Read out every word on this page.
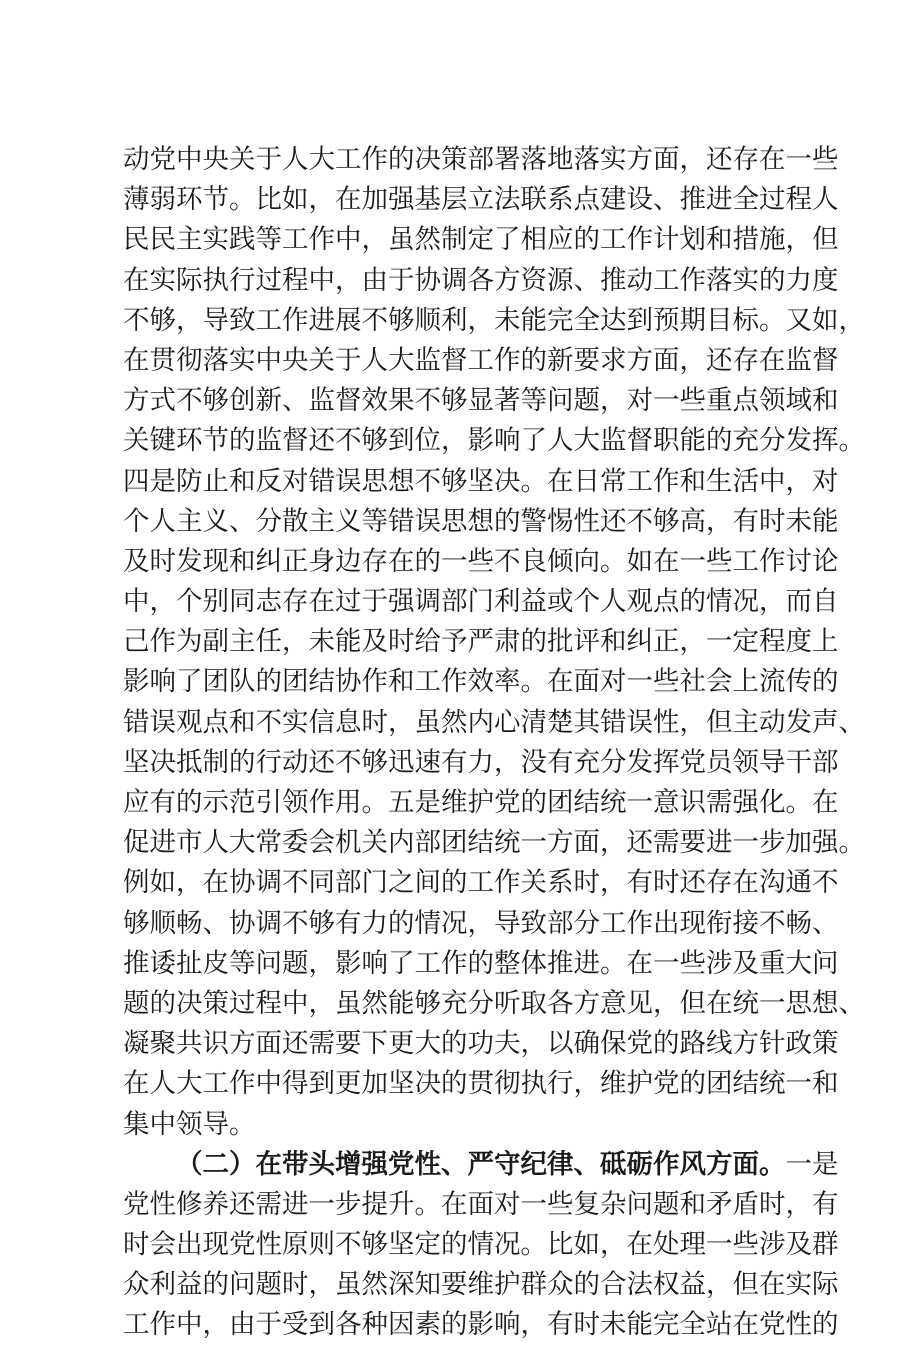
动党中央关于人大工作的决策部署落地落实方面，还存在一些
薄弱环节。比如，在加强基层立法联系点建设、推进全过程人
民民主实践等工作中，虽然制定了相应的工作计划和措施，但
在实际执行过程中，由于协调各方资源、推动工作落实的力度
不够，导致工作进展不够顺利，未能完全达到预期目标。又如，
在贯彻落实中央关于人大监督工作的新要求方面，还存在监督
方式不够创新、监督效果不够显著等问题，对一些重点领域和
关键环节的监督还不够到位，影响了人大监督职能的充分发挥。
四是防止和反对错误思想不够坚决。在日常工作和生活中，对
个人主义、分散主义等错误思想的警惕性还不够高，有时未能
及时发现和纠正身边存在的一些不良倾向。如在一些工作讨论
中，个别同志存在过于强调部门利益或个人观点的情况，而自
己作为副主任，未能及时给予严肃的批评和纠正，一定程度上
影响了团队的团结协作和工作效率。在面对一些社会上流传的
错误观点和不实信息时，虽然内心清楚其错误性，但主动发声、
坚决抵制的行动还不够迅速有力，没有充分发挥党员领导干部
应有的示范引领作用。五是维护党的团结统一意识需强化。在
促进市人大常委会机关内部团结统一方面，还需要进一步加强。
例如，在协调不同部门之间的工作关系时，有时还存在沟通不
够顺畅、协调不够有力的情况，导致部分工作出现衔接不畅、
推诿扯皮等问题，影响了工作的整体推进。在一些涉及重大问
题的决策过程中，虽然能够充分听取各方意见，但在统一思想、
凝聚共识方面还需要下更大的功夫，以确保党的路线方针政策
在人大工作中得到更加坚决的贯彻执行，维护党的团结统一和
集中领导。
（二）在带头增强党性、严守纪律、砥砺作风方面。一是
党性修养还需进一步提升。在面对一些复杂问题和矛盾时，有
时会出现党性原则不够坚定的情况。比如，在处理一些涉及群
众利益的问题时，虽然深知要维护群众的合法权益，但在实际
工作中，由于受到各种因素的影响，有时未能完全站在党性的
